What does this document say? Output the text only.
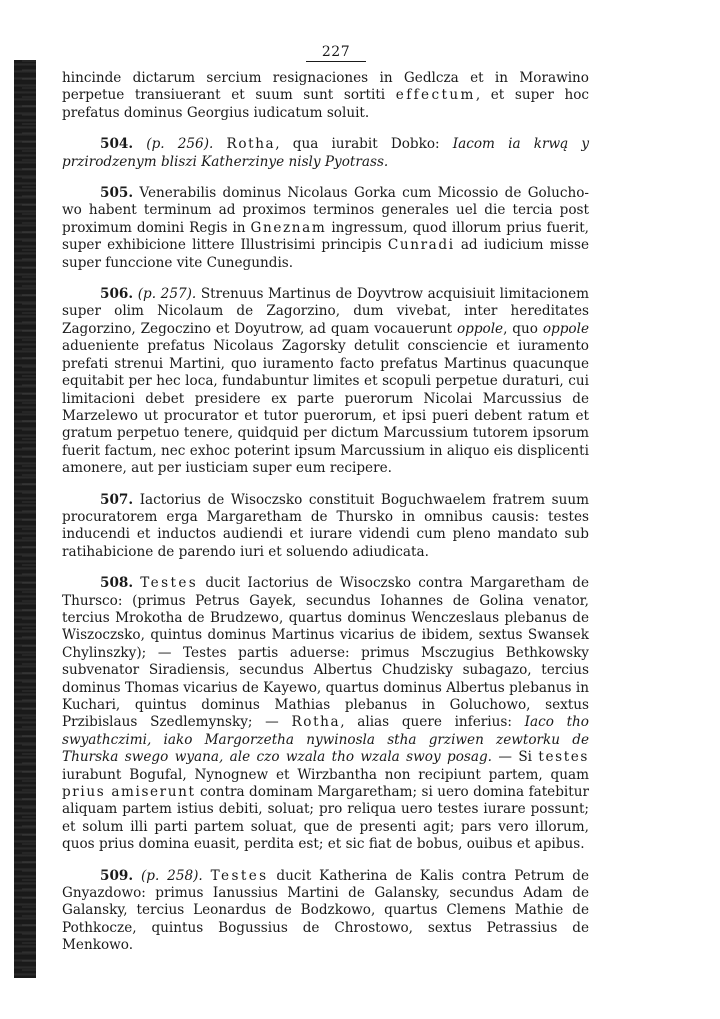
227

hincinde dictarum sercium resignaciones in Gedlcza et in Morawino perpetue transiuerant et suum sunt sortiti effectum, et super hoc prefatus dominus Georgius iudicatum soluit.

504. (p. 256). Rotha, qua iurabit Dobko: Iacom ia krwą y przirodzenym bliszi Katherzinye nisly Pyotrass.

505. Venerabilis dominus Nicolaus Gorka cum Micossio de Golucho-wo habent terminum ad proximos terminos generales uel die tercia post proximum domini Regis in Gneznam ingressum, quod illorum prius fuerit, super exhibicione littere Illustrisimi principis Cunradi ad iudicium misse super funccione vite Cunegundis.

506. (p. 257). Strenuus Martinus de Doyvtrow acquisiuit limitacionem super olim Nicolaum de Zagorzino, dum vivebat, inter hereditates Zagorzino, Zegoczino et Doyutrow, ad quam vocauerunt oppole, quo oppole adueniente prefatus Nicolaus Zagorsky detulit consciencie et iuramento prefati strenui Martini, quo iuramento facto prefatus Martinus quacunque equitabit per hec loca, fundabuntur limites et scopuli perpetue duraturi, cui limitacioni debet presidere ex parte puerorum Nicolai Marcussius de Marzelewo ut procurator et tutor puerorum, et ipsi pueri debent ratum et gratum perpetuo tenere, quidquid per dictum Marcussium tutorem ipsorum fuerit factum, nec exhoc poterint ipsum Marcussium in aliquo eis displicenti amonere, aut per iusticiam super eum recipere.

507. Iactorius de Wisoczsko constituit Boguchwaelem fratrem suum procuratorem erga Margaretham de Thursko in omnibus causis: testes inducendi et inductos audiendi et iurare videndi cum pleno mandato sub ratihabicione de parendo iuri et soluendo adiudicata.

508. Testes ducit Iactorius de Wisoczsko contra Margaretham de Thursco: (primus Petrus Gayek, secundus Iohannes de Golina venator, tercius Mrokotha de Brudzewo, quartus dominus Wenczeslaus plebanus de Wiszoczsko, quintus dominus Martinus vicarius de ibidem, sextus Swansek Chylinszky); — Testes partis aduerse: primus Msczugius Bethkowsky subvenator Siradiensis, secundus Albertus Chudzisky subagazo, tercius dominus Thomas vicarius de Kayewo, quartus dominus Albertus plebanus in Kuchari, quintus dominus Mathias plebanus in Goluchowo, sextus Przibislaus Szedlemynsky; — Rotha, alias quere inferius: Iaco tho swyathczimi, iako Margorzetha nywinosla stha grziwen zewtorku de Thurska swego wyana, ale czo wzala tho wzala swoy posag. — Si testes iurabunt Bogufal, Nynognew et Wirzbantha non recipiunt partem, quam prius amiserunt contra dominam Margaretham; si uero domina fatebitur aliquam partem istius debiti, soluat; pro reliqua uero testes iurare possunt; et solum illi parti partem soluat, que de presenti agit; pars vero illorum, quos prius domina euasit, perdita est; et sic fiat de bobus, ouibus et apibus.

509. (p. 258). Testes ducit Katherina de Kalis contra Petrum de Gnyazdowo: primus Ianussius Martini de Galansky, secundus Adam de Galansky, tercius Leonardus de Bodzkowo, quartus Clemens Mathie de Pothkocze, quintus Bogussius de Chrostowo, sextus Petrassius de Menkowo.
